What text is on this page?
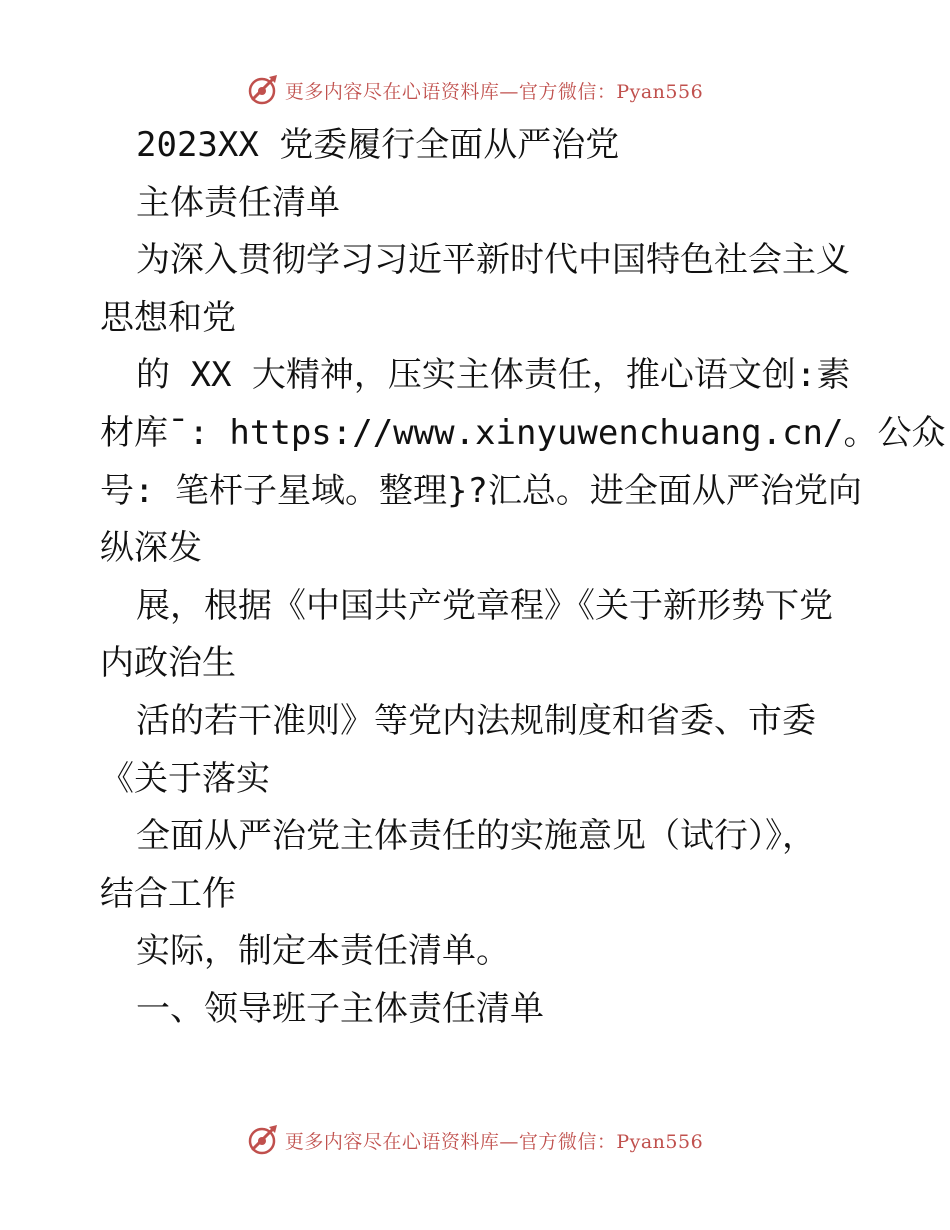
更多内容尽在心语资料库—官方微信：Pyan556
2023XX 党委履行全面从严治党
主体责任清单
为深入贯彻学习习近平新时代中国特色社会主义
思想和党
的 XX 大精神，压实主体责任，推心语文创:素
材库¯: https://www.xinyuwenchuang.cn/。公众
号: 笔杆子星域。整理}?汇总。进全面从严治党向
纵深发
展，根据《中国共产党章程》《关于新形势下党
内政治生
活的若干准则》等党内法规制度和省委、市委
《关于落实
全面从严治党主体责任的实施意见（试行）》，
结合工作
实际，制定本责任清单。
一、领导班子主体责任清单
更多内容尽在心语资料库—官方微信：Pyan556
